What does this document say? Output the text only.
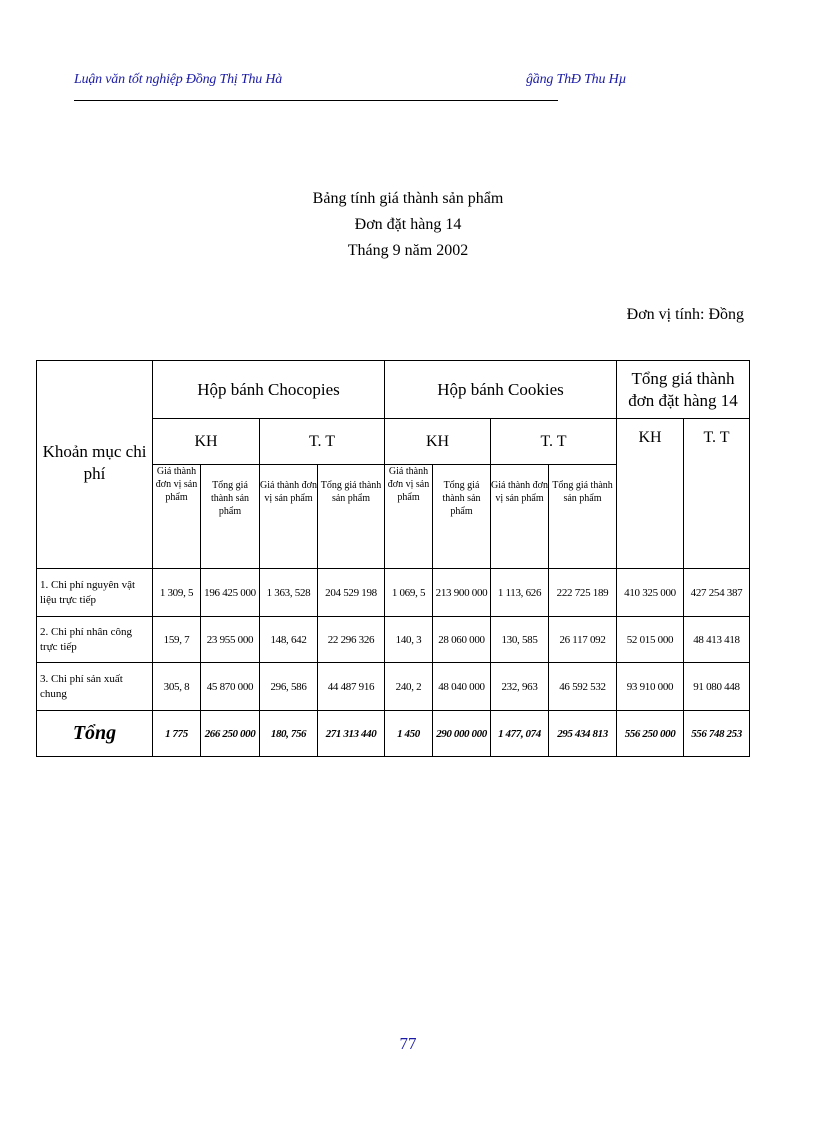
Luận văn tốt nghiệp Đồng Thị Thu Hà	ĝầng ThÐ Thu Hµ
Bảng tính giá thành sản phẩm
Đơn đặt hàng 14
Tháng 9 năm 2002
Đơn vị tính: Đồng
Khoản mục chi phí	Hộp bánh Chocopies				Hộp bánh Cookies				Tổng giá thành đơn đặt hàng 14	
	KH		T. T		KH		T. T		KH	T. T
	Giá thành đơn vị sản phẩm	Tổng giá thành sản phẩm	Giá thành đơn vị sản phẩm	Tổng giá thành sản phẩm	Giá thành đơn vị sản phẩm	Tổng giá thành sản phẩm	Giá thành đơn vị sản phẩm	Tổng giá thành sản phẩm		
1. Chi phí nguyên vật liệu trực tiếp	1 309, 5	196 425 000	1 363, 528	204 529 198	1 069, 5	213 900 000	1 113, 626	222 725 189	410 325 000	427 254 387
2. Chi phí nhân công trực tiếp	159, 7	23 955 000	148, 642	22 296 326	140, 3	28 060 000	130, 585	26 117 092	52 015 000	48 413 418
3. Chi phí sản xuất chung	305, 8	45 870 000	296, 586	44 487 916	240, 2	48 040 000	232, 963	46 592 532	93 910 000	91 080 448
Tổng	1 775	266 250 000	180, 756	271 313 440	1 450	290 000 000	1 477, 074	295 434 813	556 250 000	556 748 253
77
